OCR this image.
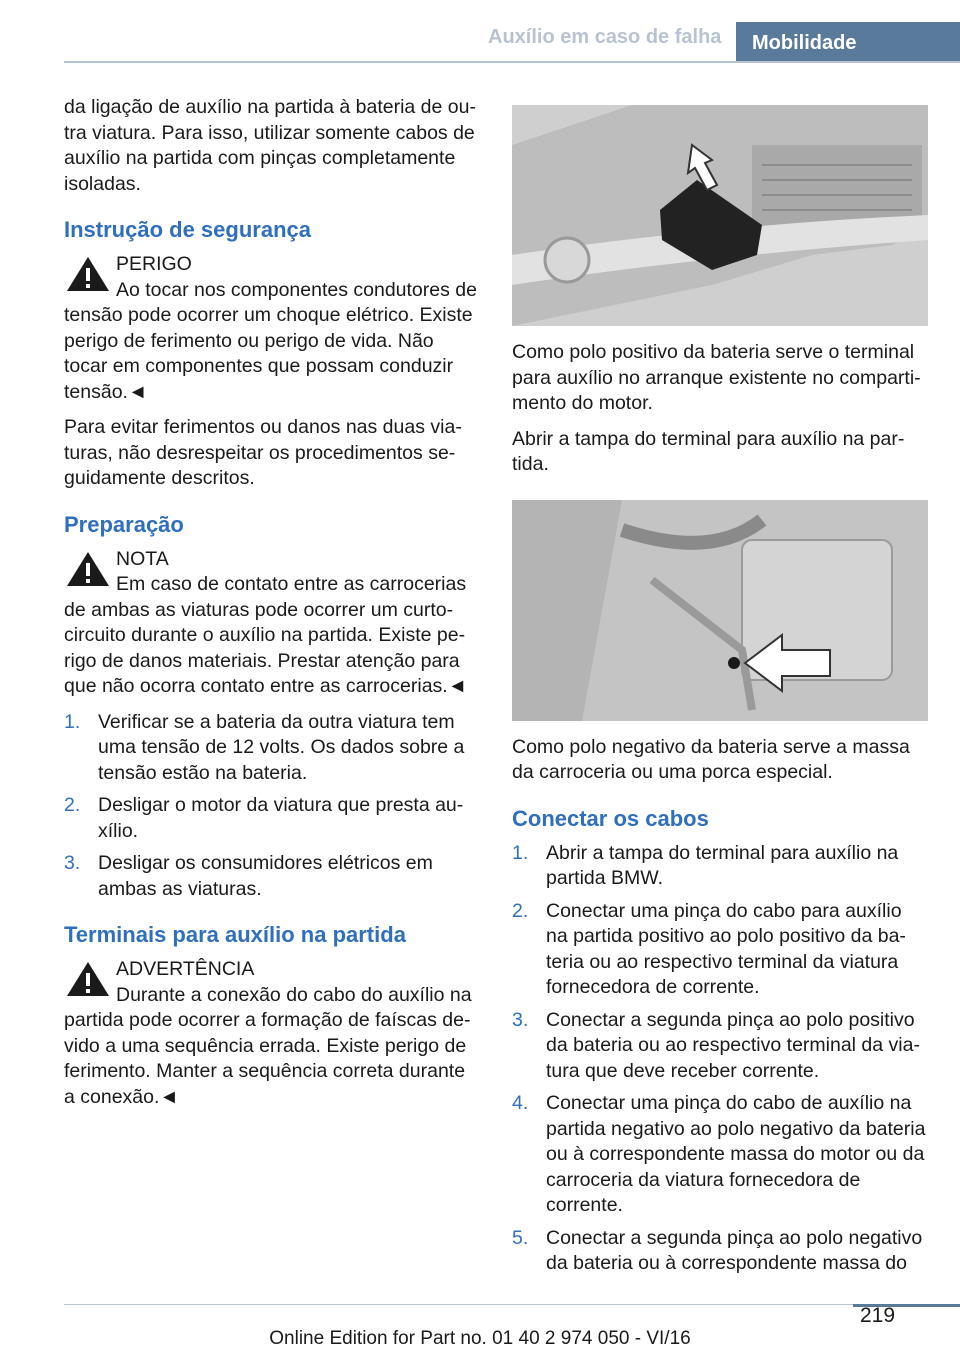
Auxílio em caso de falha	Mobilidade

da ligação de auxílio na partida à bateria de outra viatura. Para isso, utilizar somente cabos de auxílio na partida com pinças completamente isoladas.

Instrução de segurança

PERIGO

Ao tocar nos componentes condutores de tensão pode ocorrer um choque elétrico. Existe perigo de ferimento ou perigo de vida. Não tocar em componentes que possam conduzir tensão.◄

Para evitar ferimentos ou danos nas duas viaturas, não desrespeitar os procedimentos seguidamente descritos.

Preparação

NOTA

Em caso de contato entre as carrocerias de ambas as viaturas pode ocorrer um curto-circuito durante o auxílio na partida. Existe perigo de danos materiais. Prestar atenção para que não ocorra contato entre as carrocerias.◄

1. Verificar se a bateria da outra viatura tem uma tensão de 12 volts. Os dados sobre a tensão estão na bateria.
2. Desligar o motor da viatura que presta auxílio.
3. Desligar os consumidores elétricos em ambas as viaturas.
Terminais para auxílio na partida

ADVERTÊNCIA

Durante a conexão do cabo do auxílio na partida pode ocorrer a formação de faíscas devido a uma sequência errada. Existe perigo de ferimento. Manter a sequência correta durante a conexão.◄

Como polo positivo da bateria serve o terminal para auxílio no arranque existente no compartimento do motor.

Abrir a tampa do terminal para auxílio na partida.

Como polo negativo da bateria serve a massa da carroceria ou uma porca especial.

Conectar os cabos
1. Abrir a tampa do terminal para auxílio na partida BMW.
2. Conectar uma pinça do cabo para auxílio na partida positivo ao polo positivo da bateria ou ao respectivo terminal da viatura fornecedora de corrente.
3. Conectar a segunda pinça ao polo positivo da bateria ou ao respectivo terminal da viatura que deve receber corrente.
4. Conectar uma pinça do cabo de auxílio na partida negativo ao polo negativo da bateria ou à correspondente massa do motor ou da carroceria da viatura fornecedora de corrente.
5. Conectar a segunda pinça ao polo negativo da bateria ou à correspondente massa do
219
Online Edition for Part no. 01 40 2 974 050 - VI/16
